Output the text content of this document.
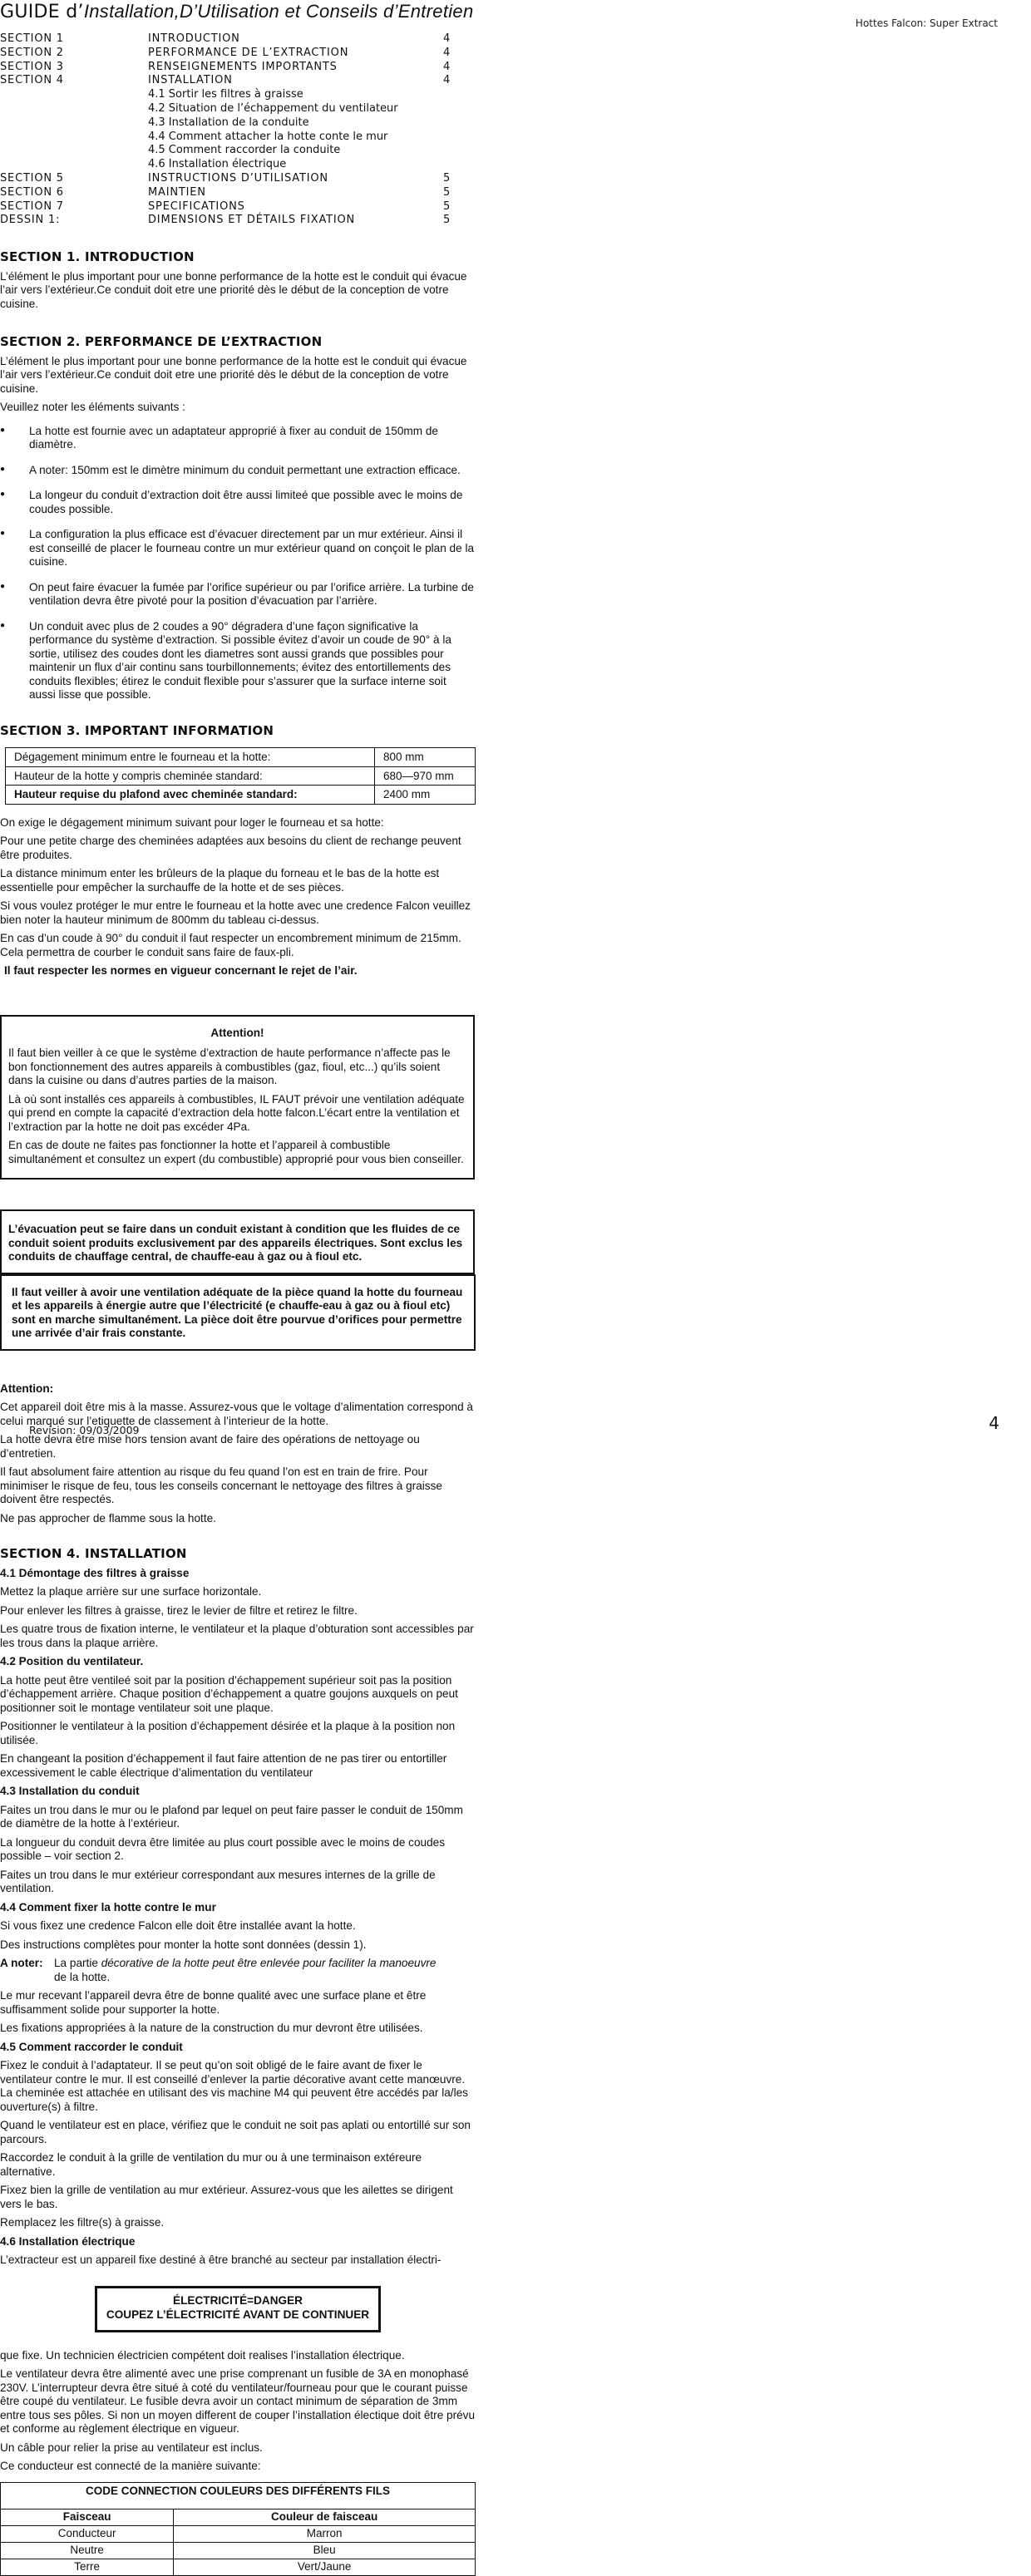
Hottes Falcon: Super Extract
GUIDE d’Installation,D’Utilisation et Conseils d’Entretien
SECTION 1	INTRODUCTION	4
SECTION 2	PERFORMANCE DE L’EXTRACTION	4
SECTION 3	RENSEIGNEMENTS IMPORTANTS	4
SECTION 4	INSTALLATION	4
4.1 Sortir les filtres à graisse
4.2 Situation de l’échappement du ventilateur
4.3 Installation de la conduite
4.4 Comment attacher la hotte conte le mur
4.5 Comment raccorder la conduite
4.6 Installation électrique
SECTION 5	INSTRUCTIONS D’UTILISATION	5
SECTION 6	MAINTIEN	5
SECTION 7	SPECIFICATIONS	5
DESSIN 1:	DIMENSIONS ET DÉTAILS FIXATION	5
SECTION 1. INTRODUCTION

L’élément le plus important pour une bonne performance de la hotte est le conduit qui évacue l’air vers l’extérieur.Ce conduit doit etre une priorité dès le début de la conception de votre cuisine.

SECTION 2. PERFORMANCE DE L’EXTRACTION

L’élément le plus important pour une bonne performance de la hotte est le conduit qui évacue l’air vers l’extérieur.Ce conduit doit etre une priorité dès le début de la conception de votre cuisine.

Veuillez noter les éléments suivants :

● La hotte est fournie avec un adaptateur approprié à fixer au conduit de 150mm de diamètre.
● A noter: 150mm est le dimètre minimum du conduit permettant une extraction efficace.
● La longeur du conduit d’extraction doit être aussi limiteé que possible avec le moins de coudes possible.
● La configuration la plus efficace est d’évacuer directement par un mur extérieur. Ainsi il est conseillé de placer le fourneau contre un mur extérieur quand on conçoit le plan de la cuisine.
● On peut faire évacuer la fumée par l’orifice supérieur ou par l’orifice arrière. La turbine de ventilation devra être pivoté pour la position d’évacuation par l’arrière.
● Un conduit avec plus de 2 coudes a 90° dégradera d’une façon significative la performance du système d’extraction. Si possible évitez d’avoir un coude de 90° à la sortie, utilisez des coudes dont les diametres sont aussi grands que possibles pour maintenir un flux d’air continu sans tourbillonnements; évitez des entortillements des conduits flexibles; étirez le conduit flexible pour s’assurer que la surface interne soit aussi lisse que possible.
SECTION 3. IMPORTANT INFORMATION
Dégagement minimum entre le fourneau et la hotte:	800 mm
Hauteur de la hotte y compris cheminée standard:	680—970 mm
Hauteur requise du plafond avec cheminée standard:	2400 mm

On exige le dégagement minimum suivant pour loger le fourneau et sa hotte:

Pour une petite charge des cheminées adaptées aux besoins du client de rechange peuvent être produites.

La distance minimum enter les brûleurs de la plaque du forneau et le bas de la hotte est essentielle pour empêcher la surchauffe de la hotte et de ses pièces.

Si vous voulez protéger le mur entre le fourneau et la hotte avec une credence Falcon veuillez bien noter la hauteur minimum de 800mm du tableau ci-dessus.

En cas d’un coude à 90° du conduit il faut respecter un encombrement minimum de 215mm. Cela permettra de courber le conduit sans faire de faux-pli.

Il faut respecter les normes en vigueur concernant le rejet de l’air.

Attention!

Il faut bien veiller à ce que le système d’extraction de haute performance n’affecte pas le bon fonctionnement des autres appareils à combustibles (gaz, fioul, etc...) qu’ils soient dans la cuisine ou dans d’autres parties de la maison.

Là où sont installés ces appareils à combustibles, IL FAUT prévoir une ventilation adéquate qui prend en compte la capacité d’extraction dela hotte falcon.L’écart entre la ventilation et l’extraction par la hotte ne doit pas excéder 4Pa.

En cas de doute ne faites pas fonctionner la hotte et l’appareil à combustible simultanément et consultez un expert (du combustible) approprié pour vous bien conseiller.

L’évacuation peut se faire dans un conduit existant à condition que les fluides de ce conduit soient produits exclusivement par des appareils électriques. Sont exclus les conduits de chauffage central, de chauffe-eau à gaz ou à fioul etc.
Il faut veiller à avoir une ventilation adéquate de la pièce quand la hotte du fourneau et les appareils à énergie autre que l’électricité (e chauffe-eau à gaz ou à fioul etc) sont en marche simultanément. La pièce doit être pourvue d’orifices pour permettre une arrivée d’air frais constante.
Attention:

Cet appareil doit être mis à la masse. Assurez-vous que le voltage d’alimentation correspond à celui marqué sur l’etiquette de classement à l’interieur de la hotte.

La hotte devra être mise hors tension avant de faire des opérations de nettoyage ou d’entretien.

Il faut absolument faire attention au risque du feu quand l’on est en train de frire. Pour minimiser le risque de feu, tous les conseils concernant le nettoyage des filtres à graisse doivent être respectés.

Ne pas approcher de flamme sous la hotte.

SECTION 4. INSTALLATION
4.1 Démontage des filtres à graisse

Mettez la plaque arrière sur une surface horizontale.

Pour enlever les filtres à graisse, tirez le levier de filtre et retirez le filtre.

Les quatre trous de fixation interne, le ventilateur et la plaque d’obturation sont accessibles par les trous dans la plaque arrière.

4.2 Position du ventilateur.

La hotte peut être ventileé soit par la position d’échappement supérieur soit pas la position d’échappement arrière. Chaque position d’échappement a quatre goujons auxquels on peut positionner soit le montage ventilateur soit une plaque.

Positionner le ventilateur à la position d’échappement désirée et la plaque à la position non utilisée.

En changeant la position d’échappement il faut faire attention de ne pas tirer ou entortiller excessivement le cable électrique d’alimentation du ventilateur

4.3 Installation du conduit

Faites un trou dans le mur ou le plafond par lequel on peut faire passer le conduit de 150mm de diamètre de la hotte à l’extérieur.

La longueur du conduit devra être limitée au plus court possible avec le moins de coudes possible – voir section 2.

Faites un trou dans le mur extérieur correspondant aux mesures internes de la grille de ventilation.

4.4 Comment fixer la hotte contre le mur

Si vous fixez une credence Falcon elle doit être installée avant la hotte.

Des instructions complètes pour monter la hotte sont données (dessin 1).

A noter: La partie décorative de la hotte peut être enlevée pour faciliter la manoeuvre
de la hotte.

Le mur recevant l’appareil devra être de bonne qualité avec une surface plane et être suffisamment solide pour supporter la hotte.

Les fixations appropriées à la nature de la construction du mur devront être utilisées.

4.5 Comment raccorder le conduit

Fixez le conduit à l’adaptateur. Il se peut qu’on soit obligé de le faire avant de fixer le ventilateur contre le mur. Il est conseillé d’enlever la partie décorative avant cette manœuvre. La cheminée est attachée en utilisant des vis machine M4 qui peuvent être accédés par la/les ouverture(s) à filtre.

Quand le ventilateur est en place, vérifiez que le conduit ne soit pas aplati ou entortillé sur son parcours.

Raccordez le conduit à la grille de ventilation du mur ou à une terminaison extéreure alternative.

Fixez bien la grille de ventilation au mur extérieur. Assurez-vous que les ailettes se dirigent vers le bas.

Remplacez les filtre(s) à graisse.

4.6 Installation électrique

L’extracteur est un appareil fixe destiné à être branché au secteur par installation électri-

ÉLECTRICITÉ=DANGER
COUPEZ L’ÉLECTRICITÉ AVANT DE CONTINUER

que fixe. Un technicien électricien compétent doit realises l’installation électrique.

Le ventilateur devra être alimenté avec une prise comprenant un fusible de 3A en monophasé 230V. L’interrupteur devra être situé à coté du ventilateur/fourneau pour que le courant puisse être coupé du ventilateur. Le fusible devra avoir un contact minimum de séparation de 3mm entre tous ses pôles. Si non un moyen different de couper l’installation électique doit être prévu et conforme au règlement électrique en vigueur.

Un câble pour relier la prise au ventilateur est inclus.

Ce conducteur est connecté de la manière suivante:

CODE CONNECTION COULEURS DES DIFFÉRENTS FILS	
Faisceau	Couleur de faisceau
Conducteur	Marron
Neutre	Bleu
Terre	Vert/Jaune
Revision: 09/03/2009	4
